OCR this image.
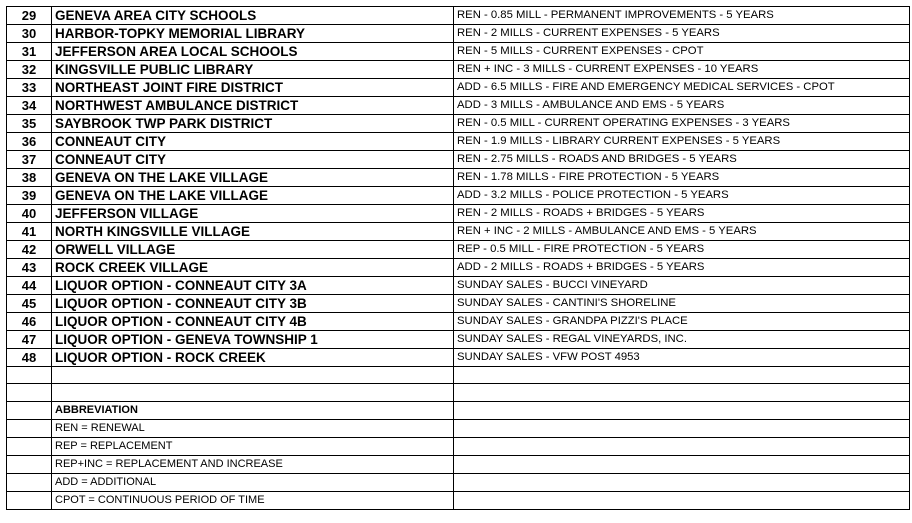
29	GENEVA AREA CITY SCHOOLS	REN - 0.85 MILL - PERMANENT IMPROVEMENTS - 5 YEARS
30	HARBOR-TOPKY MEMORIAL LIBRARY	REN - 2 MILLS - CURRENT EXPENSES - 5 YEARS
31	JEFFERSON AREA LOCAL SCHOOLS	REN - 5 MILLS - CURRENT EXPENSES - CPOT
32	KINGSVILLE PUBLIC LIBRARY	REN + INC - 3 MILLS - CURRENT EXPENSES - 10 YEARS
33	NORTHEAST JOINT FIRE DISTRICT	ADD - 6.5 MILLS - FIRE AND EMERGENCY MEDICAL SERVICES - CPOT
34	NORTHWEST AMBULANCE DISTRICT	ADD - 3 MILLS - AMBULANCE AND EMS - 5 YEARS
35	SAYBROOK TWP PARK DISTRICT	REN - 0.5 MILL - CURRENT OPERATING EXPENSES - 3 YEARS
36	CONNEAUT CITY	REN - 1.9 MILLS - LIBRARY CURRENT EXPENSES - 5 YEARS
37	CONNEAUT CITY	REN - 2.75 MILLS - ROADS AND BRIDGES - 5 YEARS
38	GENEVA ON THE LAKE VILLAGE	REN - 1.78 MILLS - FIRE PROTECTION - 5 YEARS
39	GENEVA ON THE LAKE VILLAGE	ADD - 3.2 MILLS - POLICE PROTECTION - 5 YEARS
40	JEFFERSON VILLAGE	REN - 2 MILLS - ROADS + BRIDGES - 5 YEARS
41	NORTH KINGSVILLE VILLAGE	REN + INC - 2 MILLS - AMBULANCE AND EMS - 5 YEARS
42	ORWELL VILLAGE	REP - 0.5 MILL - FIRE PROTECTION - 5 YEARS
43	ROCK CREEK VILLAGE	ADD - 2 MILLS - ROADS + BRIDGES - 5 YEARS
44	LIQUOR OPTION - CONNEAUT CITY 3A	SUNDAY SALES - BUCCI VINEYARD
45	LIQUOR OPTION - CONNEAUT CITY 3B	SUNDAY SALES - CANTINI'S SHORELINE
46	LIQUOR OPTION - CONNEAUT CITY 4B	SUNDAY SALES - GRANDPA PIZZI'S PLACE
47	LIQUOR OPTION - GENEVA TOWNSHIP 1	SUNDAY SALES - REGAL VINEYARDS, INC.
48	LIQUOR OPTION - ROCK CREEK	SUNDAY SALES - VFW POST 4953

	ABBREVIATION	
	REN = RENEWAL	
	REP = REPLACEMENT	
	REP+INC = REPLACEMENT AND INCREASE	
	ADD = ADDITIONAL	
	CPOT = CONTINUOUS PERIOD OF TIME	
